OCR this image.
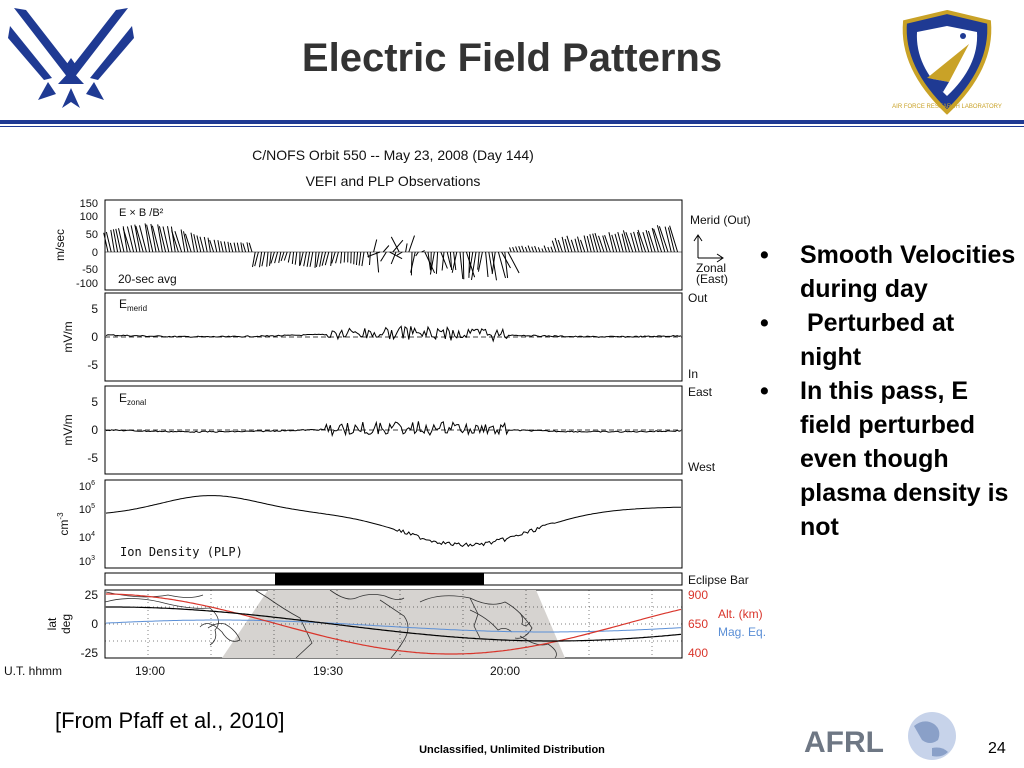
Electric Field Patterns
AIR FORCE RESEARCH LABORATORY
C/NOFS Orbit 550 -- May 23, 2008 (Day 144)
VEFI and PLP Observations
E × B /B²
20-sec avg
m/sec
150
100
50
0
-50
-100
Merid (Out)
Zonal
(East)
$E_{merid}$
mV/m
5
0
-5
Out
In
$E_{zonal}$
mV/m
5
0
-5
East
West
Ion Density (PLP)
$cm^{-3}$
$10^6$
$10^5$
$10^4$
$10^3$
Eclipse Bar
lat deg
25
0
-25
900
650
400
Alt. (km)
Mag. Eq.
U.T. hhmm	19:00	19:30	20:00
• Smooth Velocities during day
• Perturbed at night
• In this pass, E field perturbed even though plasma density is not
[From Pfaff et al., 2010]
Unclassified, Unlimited Distribution	AFRL	24
